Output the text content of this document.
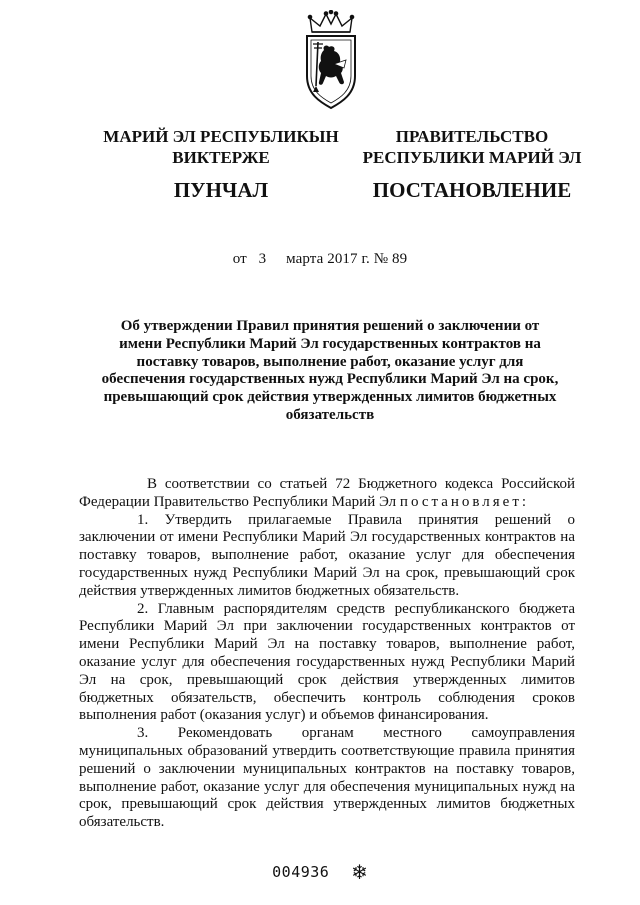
МАРИЙ ЭЛ РЕСПУБЛИКЫН
ВИКТЕРЖЕ
ПУНЧАЛ
ПРАВИТЕЛЬСТВО
РЕСПУБЛИКИ МАРИЙ ЭЛ
ПОСТАНОВЛЕНИЕ
от 3 марта 2017 г. № 89
Об утверждении Правил принятия решений о заключении от имени Республики Марий Эл государственных контрактов на поставку товаров, выполнение работ, оказание услуг для обеспечения государственных нужд Республики Марий Эл на срок, превышающий срок действия утвержденных лимитов бюджетных обязательств

В соответствии со статьей 72 Бюджетного кодекса Российской Федерации Правительство Республики Марий Эл постановляет:

1. Утвердить прилагаемые Правила принятия решений о заключении от имени Республики Марий Эл государственных контрактов на поставку товаров, выполнение работ, оказание услуг для обеспечения государственных нужд Республики Марий Эл на срок, превышающий срок действия утвержденных лимитов бюджетных обязательств.

2. Главным распорядителям средств республиканского бюджета Республики Марий Эл при заключении государственных контрактов от имени Республики Марий Эл на поставку товаров, выполнение работ, оказание услуг для обеспечения государственных нужд Республики Марий Эл на срок, превышающий срок действия утвержденных лимитов бюджетных обязательств, обеспечить контроль соблюдения сроков выполнения работ (оказания услуг) и объемов финансирования.

3. Рекомендовать органам местного самоуправления муниципальных образований утвердить соответствующие правила принятия решений о заключении муниципальных контрактов на поставку товаров, выполнение работ, оказание услуг для обеспечения муниципальных нужд на срок, превышающий срок действия утвержденных лимитов бюджетных обязательств.

004936 ❄
